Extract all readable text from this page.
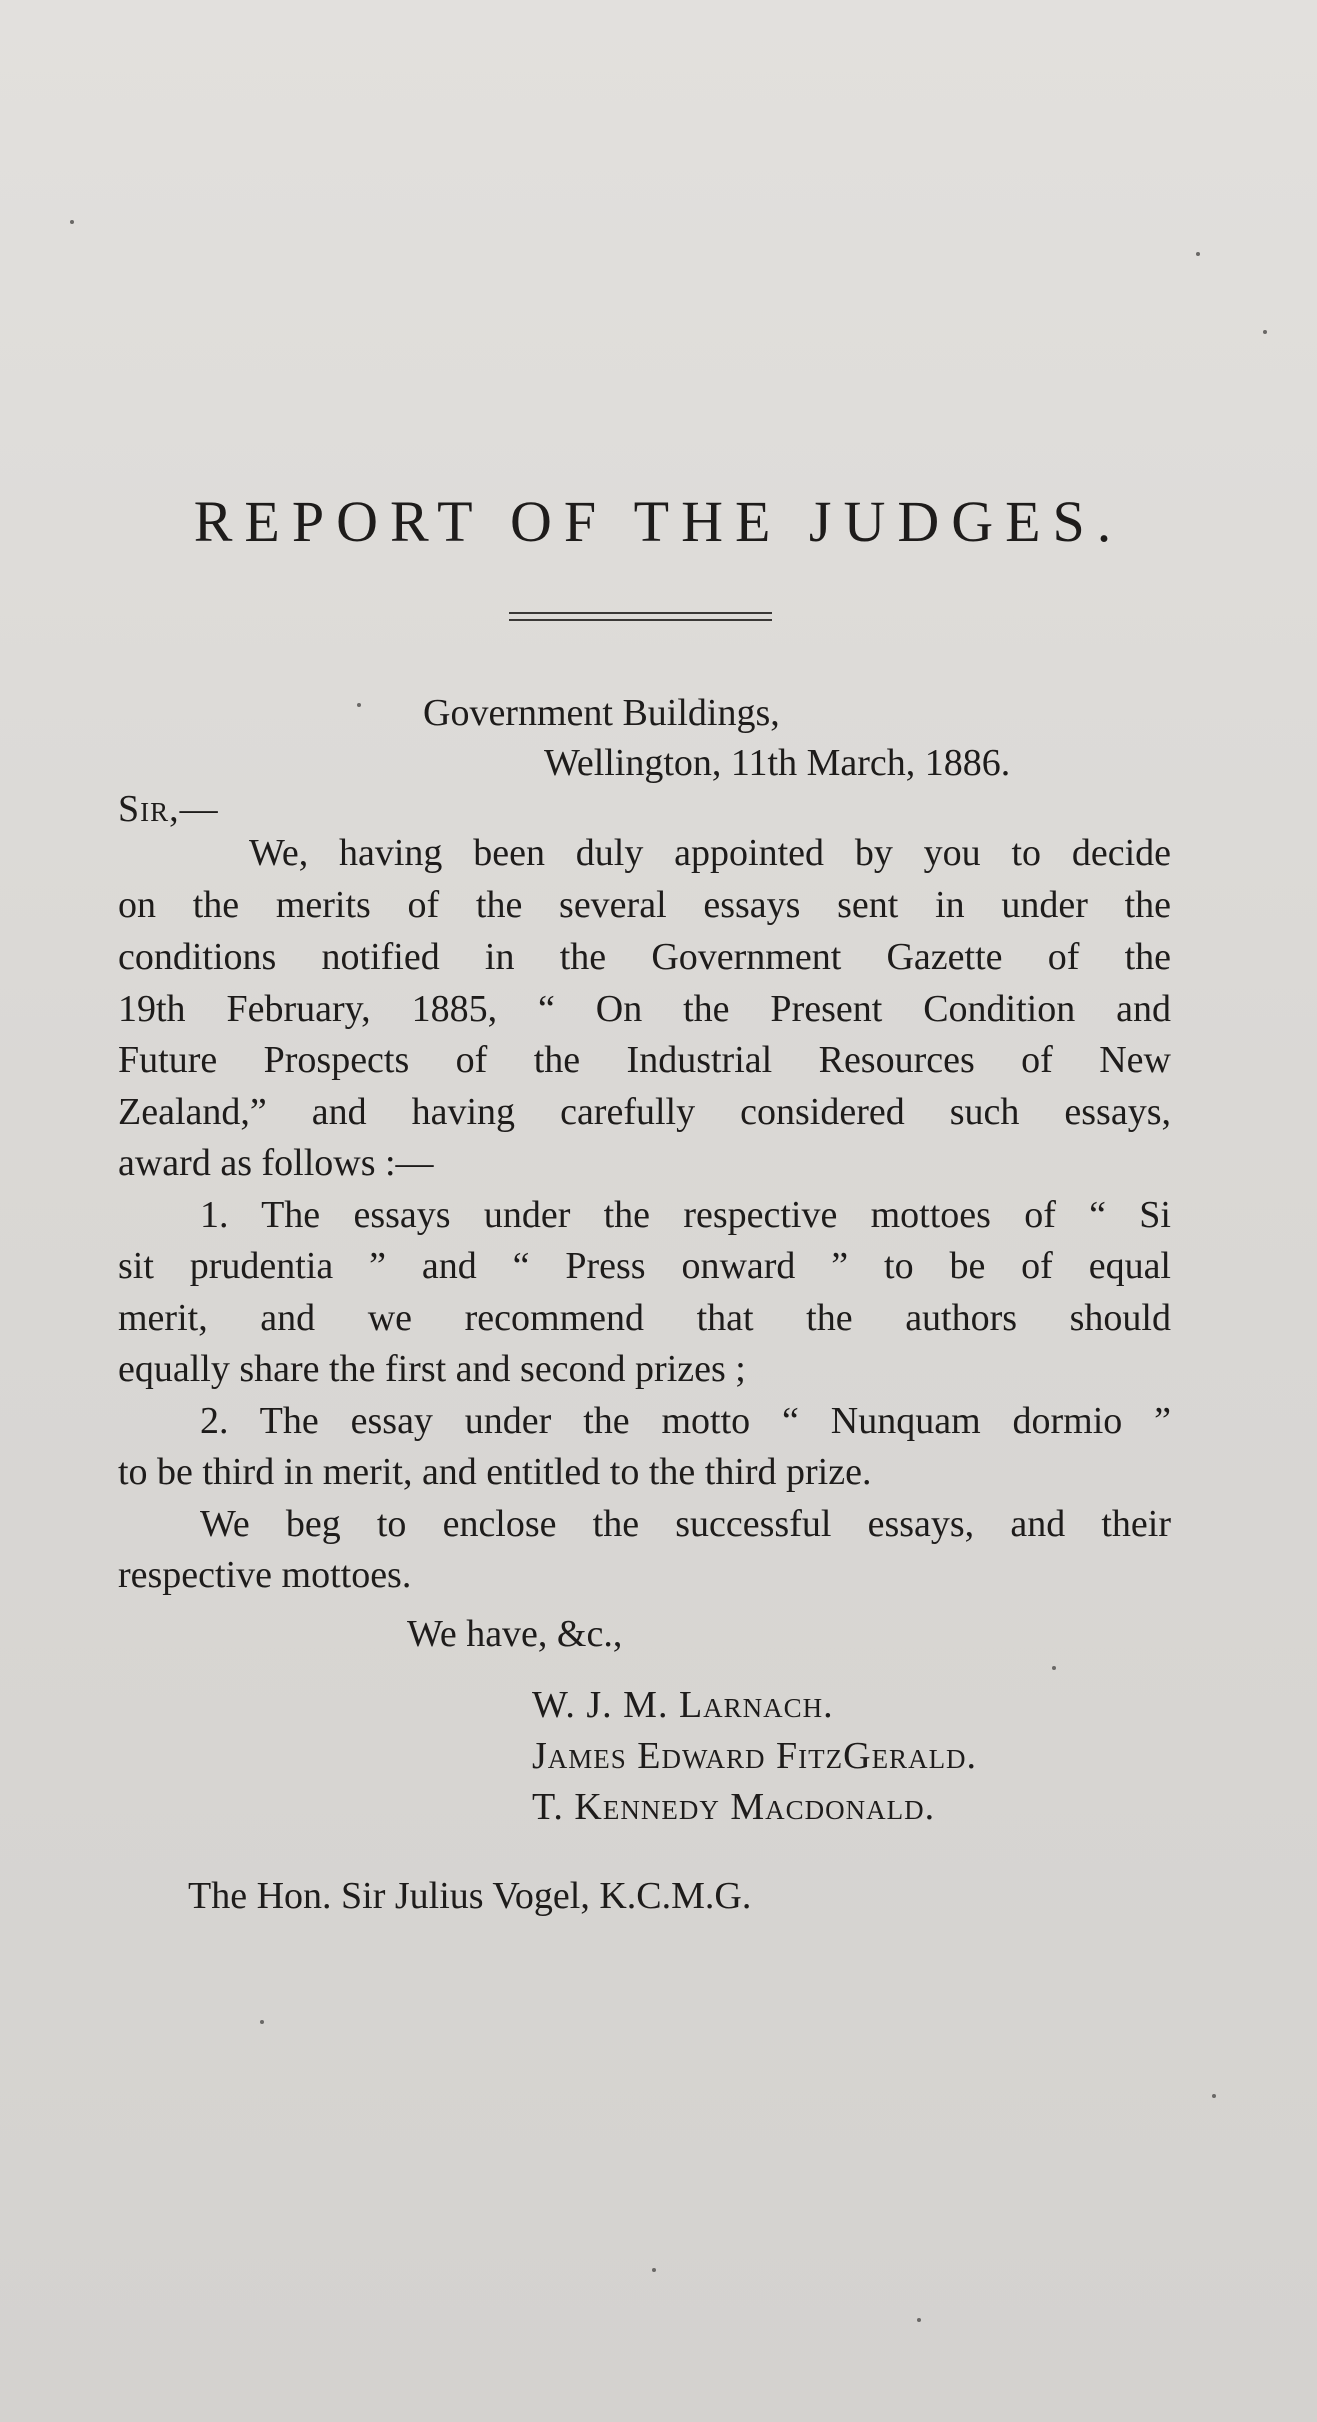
REPORT OF THE JUDGES.
Government Buildings,
Wellington, 11th March, 1886.
Sir,—
We, having been duly appointed by you to decide
on the merits of the several essays sent in under the
conditions notified in the Government Gazette of the
19th February, 1885, “ On the Present Condition and
Future Prospects of the Industrial Resources of New
Zealand,” and having carefully considered such essays,
award as follows :—
1. The essays under the respective mottoes of “ Si
sit prudentia ” and “ Press onward ” to be of equal
merit, and we recommend that the authors should
equally share the first and second prizes ;
2. The essay under the motto “ Nunquam dormio ”
to be third in merit, and entitled to the third prize.
We beg to enclose the successful essays, and their
respective mottoes.
We have, &c.,
W. J. M. Larnach.
James Edward FitzGerald.
T. Kennedy Macdonald.
The Hon. Sir Julius Vogel, K.C.M.G.
